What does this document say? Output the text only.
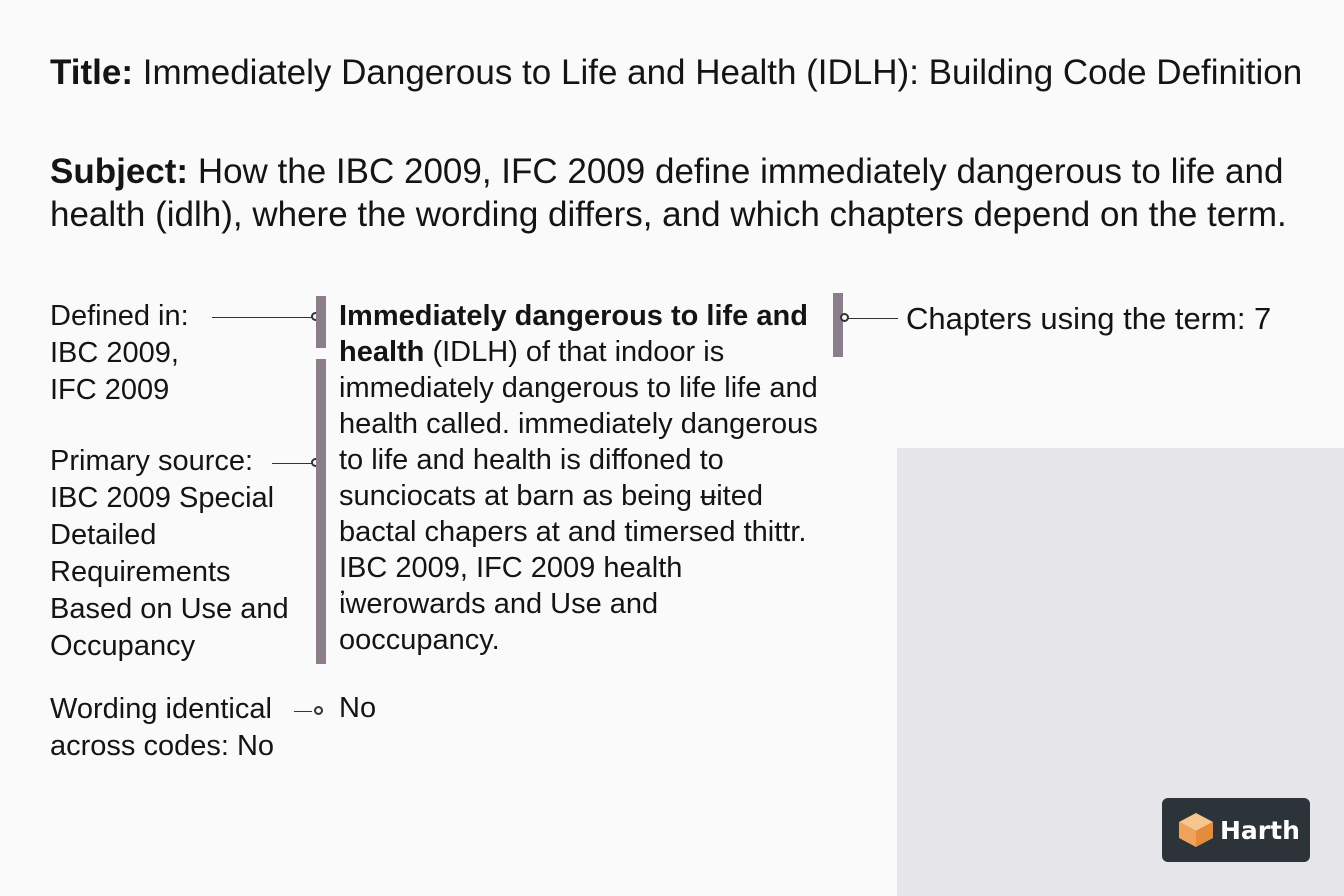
Title: Immediately Dangerous to Life and Health (IDLH): Building Code Definition
Subject: How the IBC 2009, IFC 2009 define immediately dangerous to life and health (idlh), where the wording differs, and which chapters depend on the term.
Defined in:
IBC 2009,
IFC 2009
Primary source:
IBC 2009 Special
Detailed
Requirements
Based on Use and
Occupancy
Wording identical
across codes: No
Immediately dangerous to life and health (IDLH) of that indoor is immediately dangerous to life life and health called. immediately dangerous to life and health is diffoned to sunciocats at barn as being ʉited bactal chapers at and timersed thittr. IBC 2009, IFC 2009 health ἰwerowards and Use and ooccupancy.
No
Chapters using the term: 7
Harth
